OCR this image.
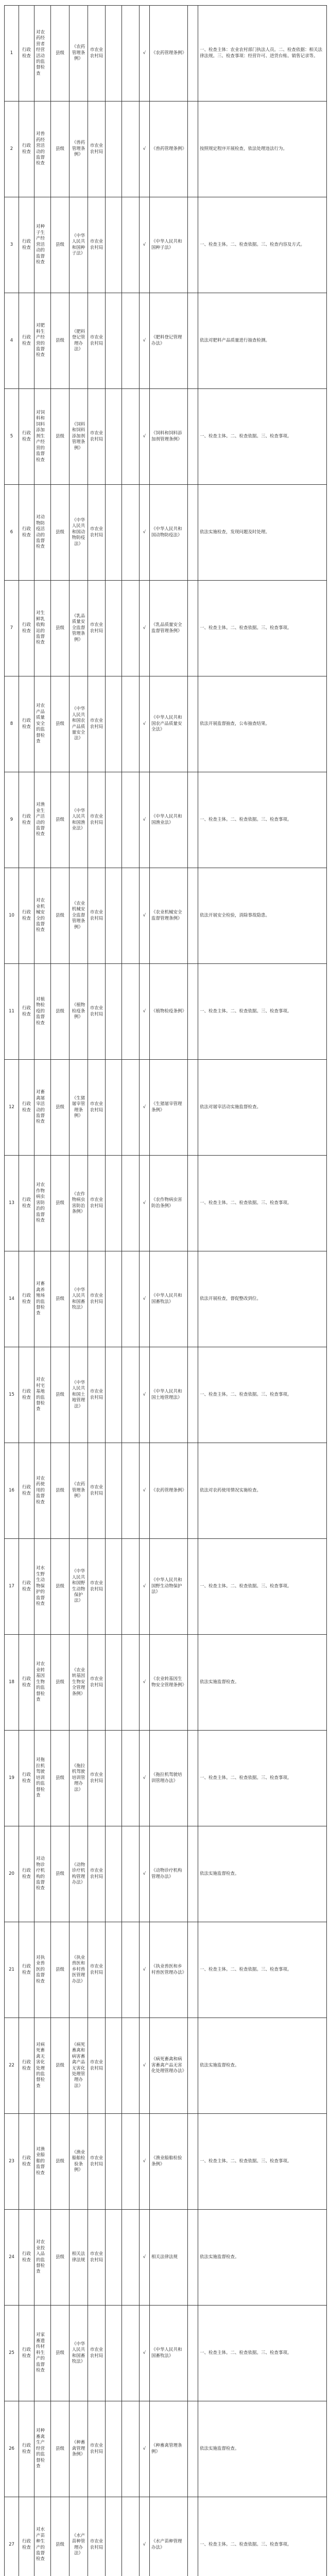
1	行政检查	对农药经营者经营活动的监督检查	县级	《农药管理条例》	市农业农村局			√	《农药管理条例》		一、检查主体：农业农村部门执法人员。二、检查依据：相关法律法规。三、检查事项：经营许可、进货台账、销售记录等。
2	行政检查	对兽药经营活动的监督检查	县级	《兽药管理条例》	市农业农村局			√	《兽药管理条例》		按照规定程序开展检查，依法处理违法行为。
3	行政检查	对种子生产经营活动的监督检查	县级	《中华人民共和国种子法》	市农业农村局			√	《中华人民共和国种子法》		一、检查主体。二、检查依据。三、检查内容及方式。
4	行政检查	对肥料生产经营的监督检查	县级	《肥料登记管理办法》	市农业农村局			√	《肥料登记管理办法》		依法对肥料产品质量进行抽查检测。
5	行政检查	对饲料和饲料添加剂生产经营的监督检查	县级	《饲料和饲料添加剂管理条例》	市农业农村局			√	《饲料和饲料添加剂管理条例》		一、检查主体。二、检查依据。三、检查事项。
6	行政检查	对动物防疫活动的监督检查	县级	《中华人民共和国动物防疫法》	市农业农村局			√	《中华人民共和国动物防疫法》		依法实施检查，发现问题及时处理。
7	行政检查	对生鲜乳收购站的监督检查	县级	《乳品质量安全监督管理条例》	市农业农村局			√	《乳品质量安全监督管理条例》		一、检查主体。二、检查依据。三、检查事项。
8	行政检查	对农产品质量安全的监督检查	县级	《中华人民共和国农产品质量安全法》	市农业农村局			√	《中华人民共和国农产品质量安全法》		依法开展监督抽查，公布抽查结果。
9	行政检查	对渔业生产活动的监督检查	县级	《中华人民共和国渔业法》	市农业农村局			√	《中华人民共和国渔业法》		一、检查主体。二、检查依据。三、检查事项。
10	行政检查	对农业机械安全的监督检查	县级	《农业机械安全监督管理条例》	市农业农村局			√	《农业机械安全监督管理条例》		依法开展安全检验，消除事故隐患。
11	行政检查	对植物检疫的监督检查	县级	《植物检疫条例》	市农业农村局			√	《植物检疫条例》		一、检查主体。二、检查依据。三、检查事项。
12	行政检查	对畜禽屠宰活动的监督检查	县级	《生猪屠宰管理条例》	市农业农村局			√	《生猪屠宰管理条例》		依法对屠宰活动实施监督检查。
13	行政检查	对农作物病虫害防治的监督检查	县级	《农作物病虫害防治条例》	市农业农村局			√	《农作物病虫害防治条例》		一、检查主体。二、检查依据。三、检查事项。
14	行政检查	对畜禽养殖场的监督检查	县级	《中华人民共和国畜牧法》	市农业农村局			√	《中华人民共和国畜牧法》		依法开展检查，督促整改到位。
15	行政检查	对农村宅基地的监督检查	县级	《中华人民共和国土地管理法》	市农业农村局			√	《中华人民共和国土地管理法》		一、检查主体。二、检查依据。三、检查事项。
16	行政检查	对农药使用的监督检查	县级	《农药管理条例》	市农业农村局			√	《农药管理条例》		依法对农药使用情况实施检查。
17	行政检查	对水生野生动物保护的监督检查	县级	《中华人民共和国野生动物保护法》	市农业农村局			√	《中华人民共和国野生动物保护法》		一、检查主体。二、检查依据。三、检查事项。
18	行政检查	对农业转基因生物的监督检查	县级	《农业转基因生物安全管理条例》	市农业农村局			√	《农业转基因生物安全管理条例》		依法实施监督检查。
19	行政检查	对拖拉机驾驶培训的监督检查	县级	《拖拉机驾驶培训管理办法》	市农业农村局			√	《拖拉机驾驶培训管理办法》		一、检查主体。二、检查依据。三、检查事项。
20	行政检查	对动物诊疗机构的监督检查	县级	《动物诊疗机构管理办法》	市农业农村局			√	《动物诊疗机构管理办法》		依法实施监督检查。
21	行政检查	对执业兽医的监督检查	县级	《执业兽医和乡村兽医管理办法》	市农业农村局			√	《执业兽医和乡村兽医管理办法》		一、检查主体。二、检查依据。三、检查事项。
22	行政检查	对病死畜禽无害化处理的监督检查	县级	《病死畜禽和病害畜禽产品无害化处理管理办法》	市农业农村局			√	《病死畜禽和病害畜禽产品无害化处理管理办法》		依法实施监督检查。
23	行政检查	对渔业船舶的监督检查	县级	《渔业船舶检验条例》	市农业农村局			√	《渔业船舶检验条例》		一、检查主体。二、检查依据。三、检查事项。
24	行政检查	对农业投入品的监督检查	县级	相关法律法规	市农业农村局			√	相关法律法规		依法实施监督检查。
25	行政检查	对家畜遗传材料生产的监督检查	县级	《中华人民共和国畜牧法》	市农业农村局			√	《中华人民共和国畜牧法》		一、检查主体。二、检查依据。三、检查事项。
26	行政检查	对种畜禽生产经营的监督检查	县级	《种畜禽管理条例》	市农业农村局			√	《种畜禽管理条例》		依法实施监督检查。
27	行政检查	对水产苗种生产的监督检查	县级	《水产苗种管理办法》	市农业农村局			√	《水产苗种管理办法》		一、检查主体。二、检查依据。三、检查事项。
